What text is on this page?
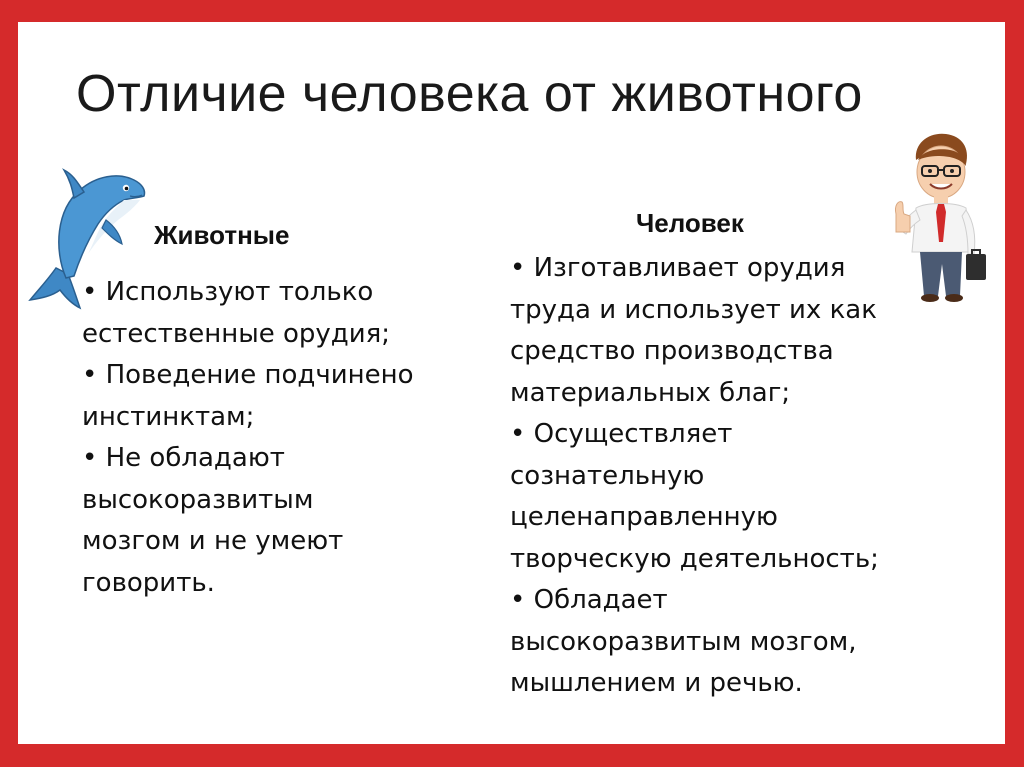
Отличие человека от животного
Животные
• Используют только
естественные орудия;
• Поведение подчинено
инстинктам;
• Не обладают
высокоразвитым
мозгом и не умеют
говорить.
Человек
• Изготавливает орудия
труда и использует их как
средство производства
материальных благ;
• Осуществляет
сознательную
целенаправленную
творческую деятельность;
• Обладает
высокоразвитым мозгом,
мышлением и речью.
